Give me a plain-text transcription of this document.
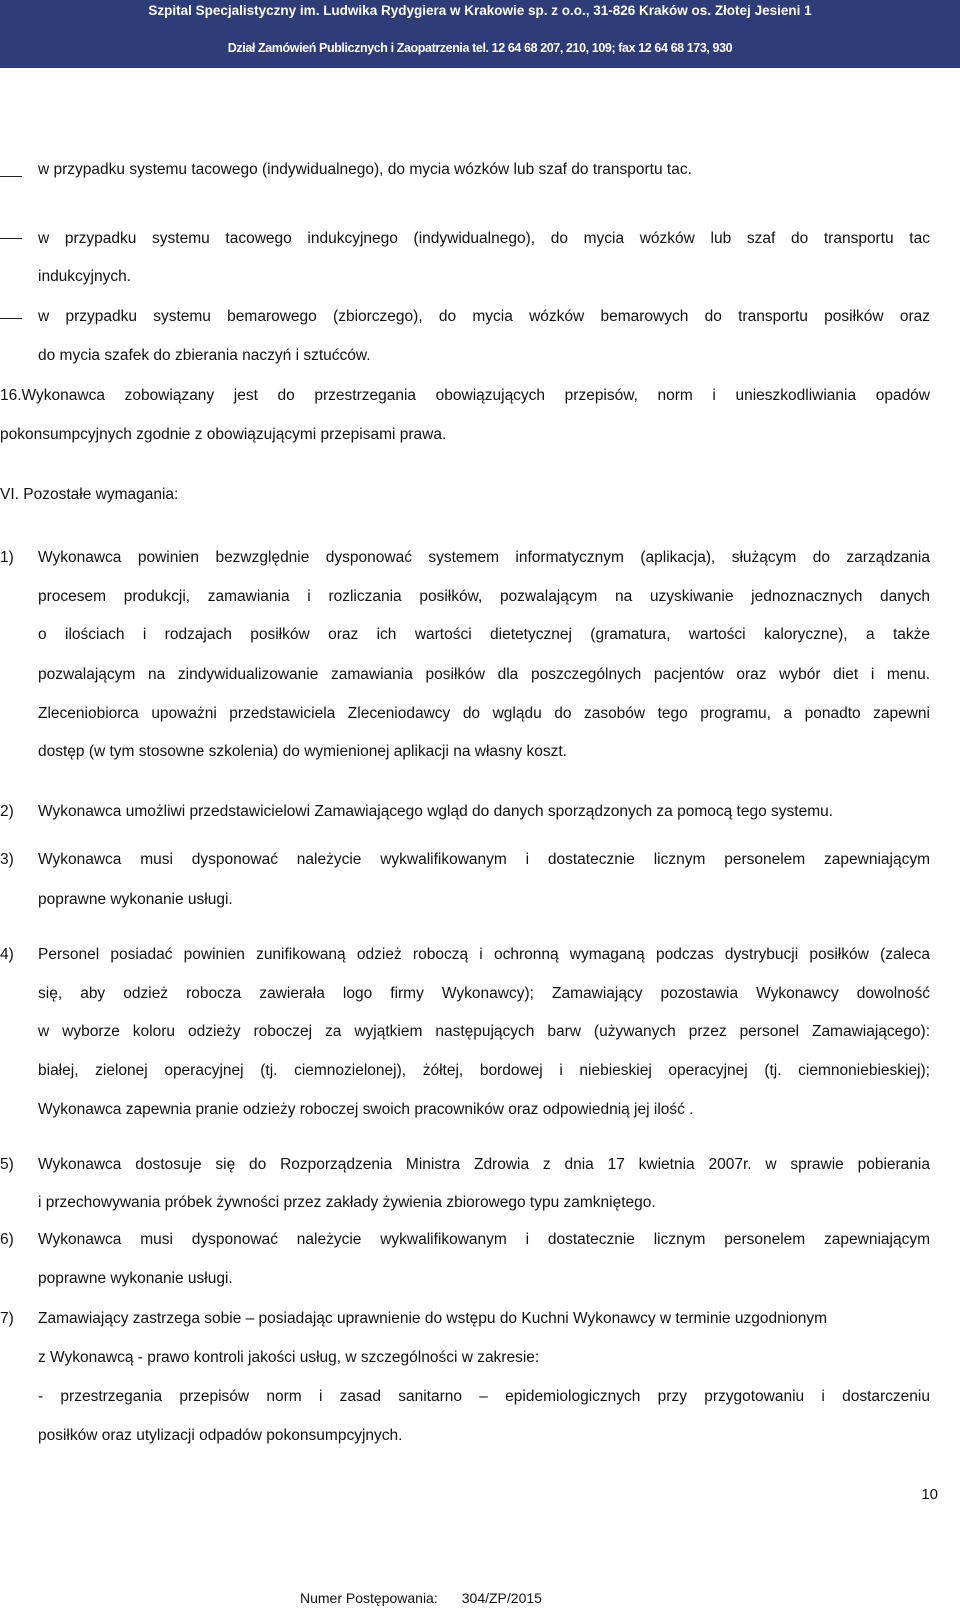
Szpital Specjalistyczny im. Ludwika Rydygiera w Krakowie sp. z o.o., 31-826 Kraków os. Złotej Jesieni 1
Dział Zamówień Publicznych i Zaopatrzenia tel. 12 64 68 207, 210, 109; fax 12 64 68 173, 930
w przypadku systemu tacowego (indywidualnego), do mycia wózków lub szaf do transportu tac.
w przypadku systemu tacowego indukcyjnego (indywidualnego), do mycia wózków lub szaf do transportu tac
indukcyjnych.
w przypadku systemu bemarowego (zbiorczego), do mycia wózków bemarowych do transportu posiłków oraz
do mycia szafek do zbierania naczyń i sztućców.
16.Wykonawca zobowiązany jest do przestrzegania obowiązujących przepisów, norm i unieszkodliwiania opadów
pokonsumpcyjnych zgodnie z obowiązującymi przepisami prawa.
VI. Pozostałe wymagania:
1) Wykonawca powinien bezwzględnie dysponować systemem informatycznym (aplikacja), służącym do zarządzania
procesem produkcji, zamawiania i rozliczania posiłków, pozwalającym na uzyskiwanie jednoznacznych danych
o ilościach i rodzajach posiłków oraz ich wartości dietetycznej (gramatura, wartości kaloryczne), a także
pozwalającym na zindywidualizowanie zamawiania posiłków dla poszczególnych pacjentów oraz wybór diet i menu.
Zleceniobiorca upoważni przedstawiciela Zleceniodawcy do wglądu do zasobów tego programu, a ponadto zapewni
dostęp (w tym stosowne szkolenia) do wymienionej aplikacji na własny koszt.
2) Wykonawca umożliwi przedstawicielowi Zamawiającego wgląd do danych sporządzonych za pomocą tego systemu.
3) Wykonawca musi dysponować należycie wykwalifikowanym i dostatecznie licznym personelem zapewniającym
poprawne wykonanie usługi.
4) Personel posiadać powinien zunifikowaną odzież roboczą i ochronną wymaganą podczas dystrybucji posiłków (zaleca
się, aby odzież robocza zawierała logo firmy Wykonawcy); Zamawiający pozostawia Wykonawcy dowolność
w wyborze koloru odzieży roboczej za wyjątkiem następujących barw (używanych przez personel Zamawiającego):
białej, zielonej operacyjnej (tj. ciemnozielonej), żółtej, bordowej i niebieskiej operacyjnej (tj. ciemnoniebieskiej);
Wykonawca zapewnia pranie odzieży roboczej swoich pracowników oraz odpowiednią jej ilość .
5) Wykonawca dostosuje się do Rozporządzenia Ministra Zdrowia z dnia 17 kwietnia 2007r. w sprawie pobierania
i przechowywania próbek żywności przez zakłady żywienia zbiorowego typu zamkniętego.
6) Wykonawca musi dysponować należycie wykwalifikowanym i dostatecznie licznym personelem zapewniającym
poprawne wykonanie usługi.
7) Zamawiający zastrzega sobie – posiadając uprawnienie do wstępu do Kuchni Wykonawcy w terminie uzgodnionym
z Wykonawcą - prawo kontroli jakości usług, w szczególności w zakresie:
- przestrzegania przepisów norm i zasad sanitarno – epidemiologicznych przy przygotowaniu i dostarczeniu
posiłków oraz utylizacji odpadów pokonsumpcyjnych.
10
Numer Postępowania: 304/ZP/2015
